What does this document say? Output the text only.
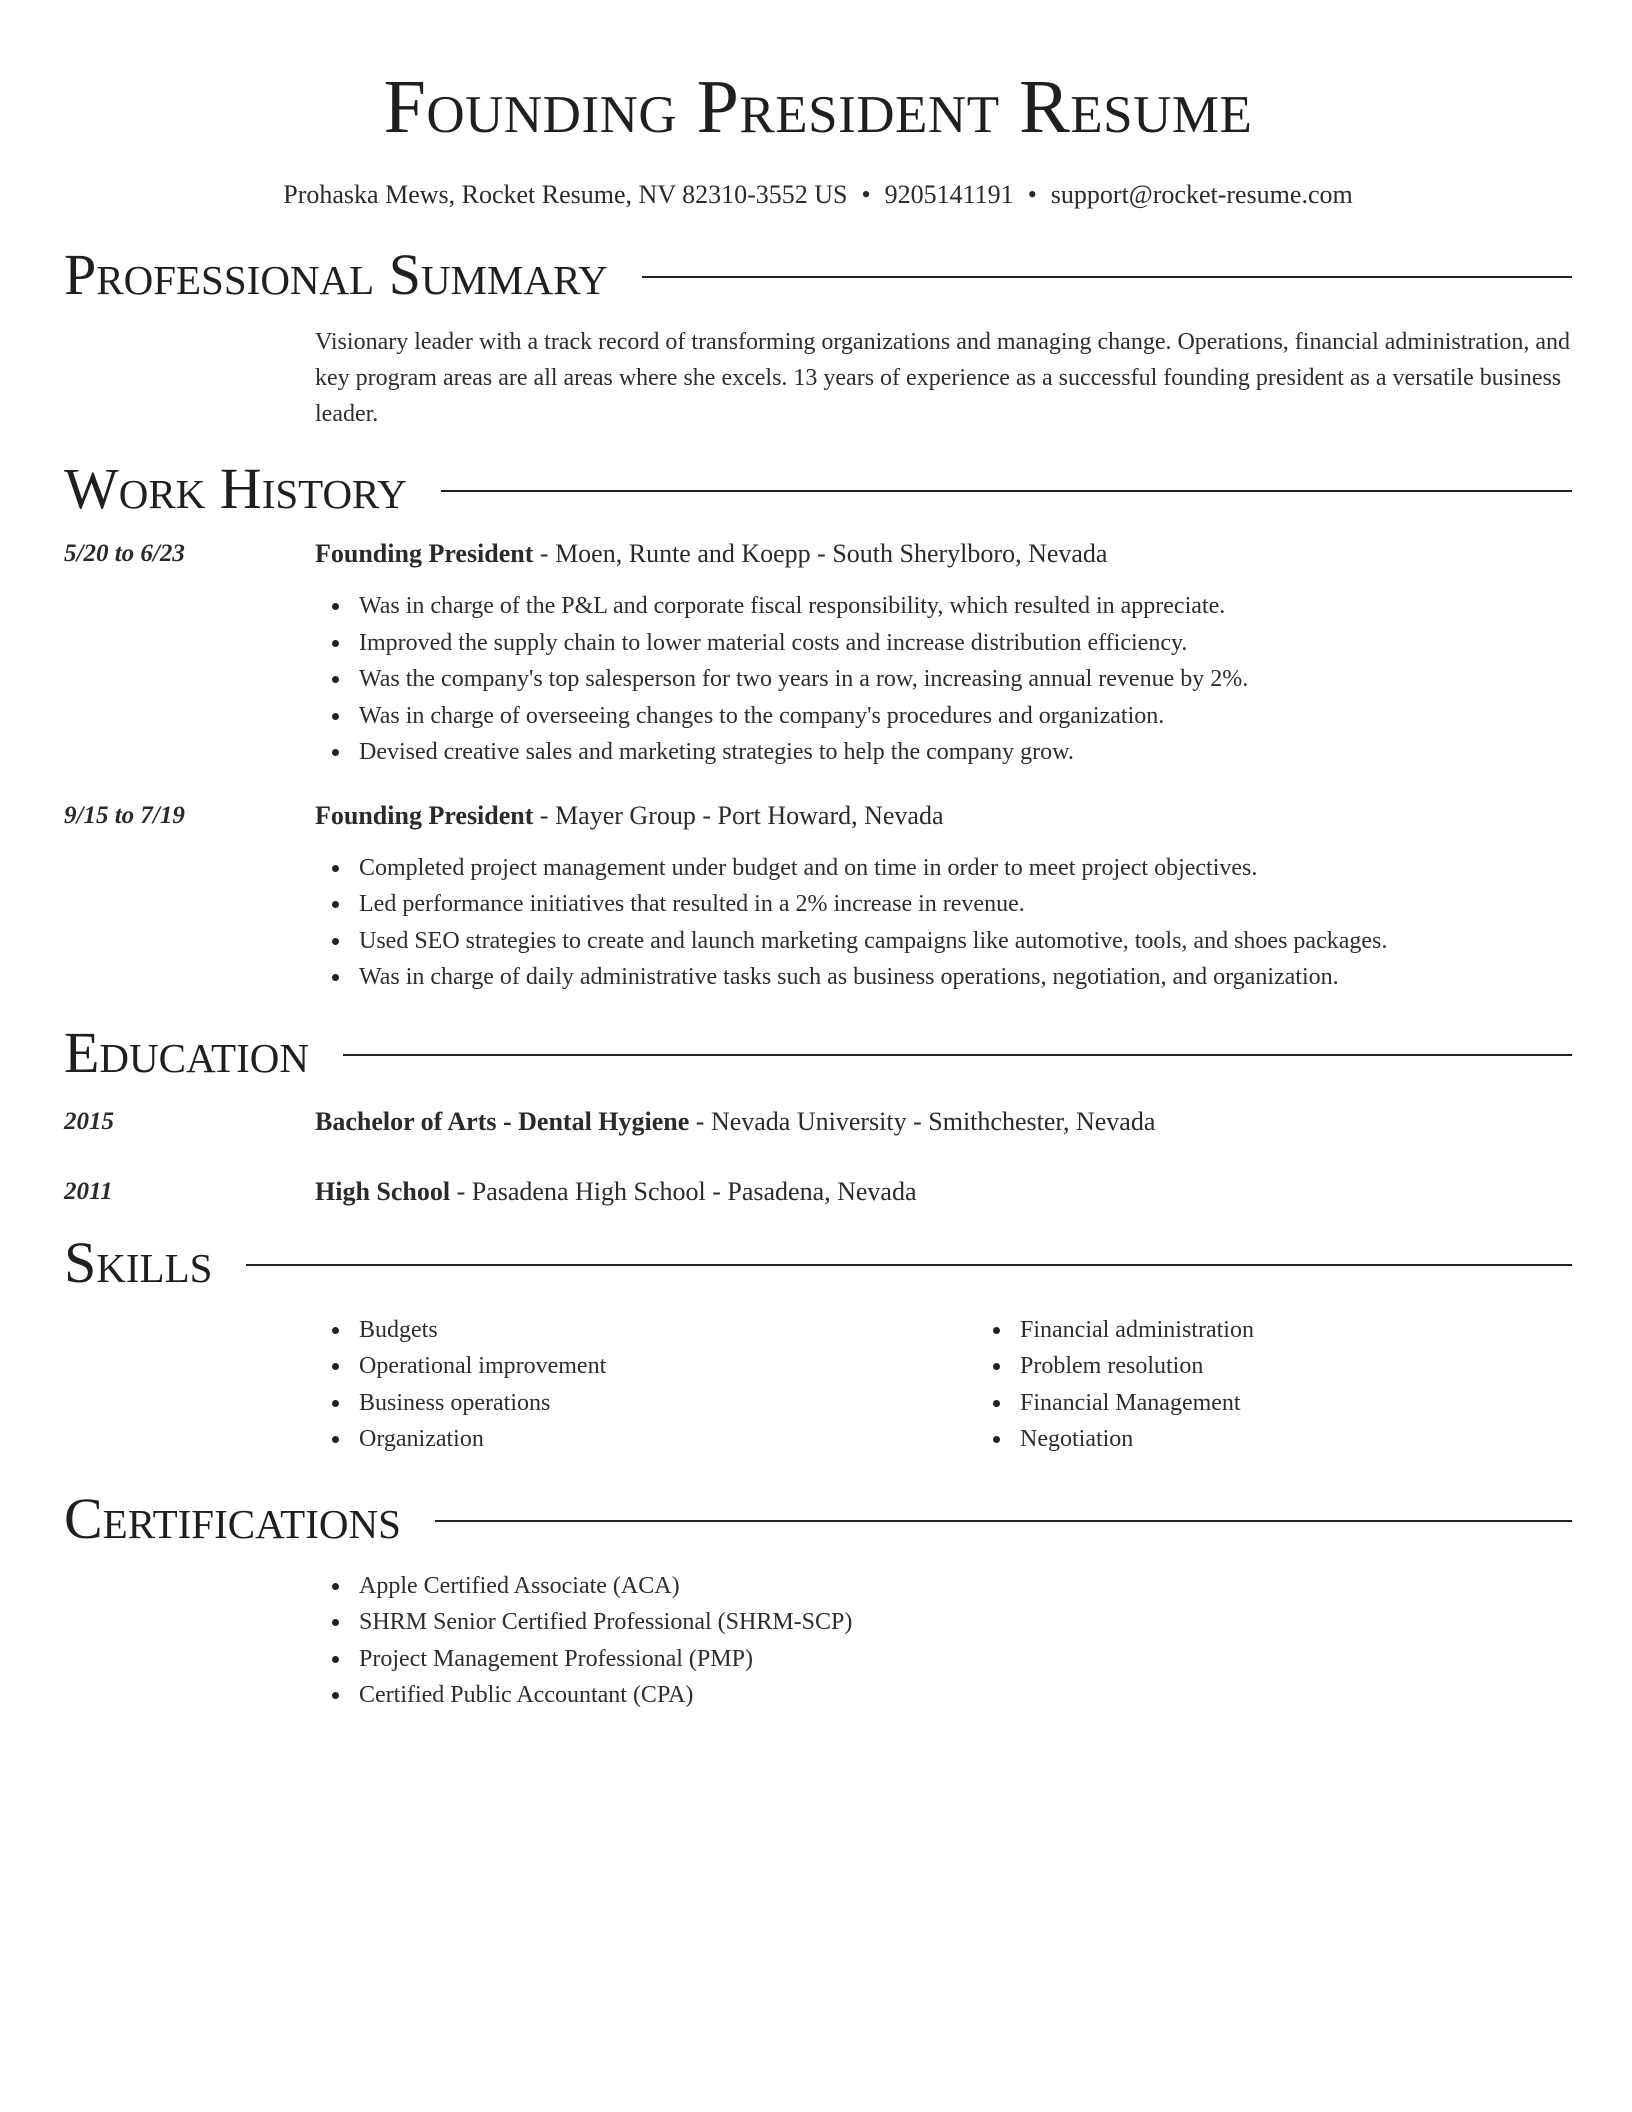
Founding President Resume
Prohaska Mews, Rocket Resume, NV 82310-3552 US • 9205141191 • support@rocket-resume.com
Professional Summary

Visionary leader with a track record of transforming organizations and managing change. Operations, financial administration, and key program areas are all areas where she excels. 13 years of experience as a successful founding president as a versatile business leader.

Work History
5/20 to 6/23	Founding President - Moen, Runte and Koepp - South Sherylboro, Nevada
Was in charge of the P&L and corporate fiscal responsibility, which resulted in appreciate.
Improved the supply chain to lower material costs and increase distribution efficiency.
Was the company's top salesperson for two years in a row, increasing annual revenue by 2%.
Was in charge of overseeing changes to the company's procedures and organization.
Devised creative sales and marketing strategies to help the company grow.
9/15 to 7/19	Founding President - Mayer Group - Port Howard, Nevada
Completed project management under budget and on time in order to meet project objectives.
Led performance initiatives that resulted in a 2% increase in revenue.
Used SEO strategies to create and launch marketing campaigns like automotive, tools, and shoes packages.
Was in charge of daily administrative tasks such as business operations, negotiation, and organization.
Education
2015	Bachelor of Arts - Dental Hygiene - Nevada University - Smithchester, Nevada
2011	High School - Pasadena High School - Pasadena, Nevada
Skills
Budgets
Operational improvement
Business operations
Organization
Financial administration
Problem resolution
Financial Management
Negotiation
Certifications
Apple Certified Associate (ACA)
SHRM Senior Certified Professional (SHRM-SCP)
Project Management Professional (PMP)
Certified Public Accountant (CPA)
